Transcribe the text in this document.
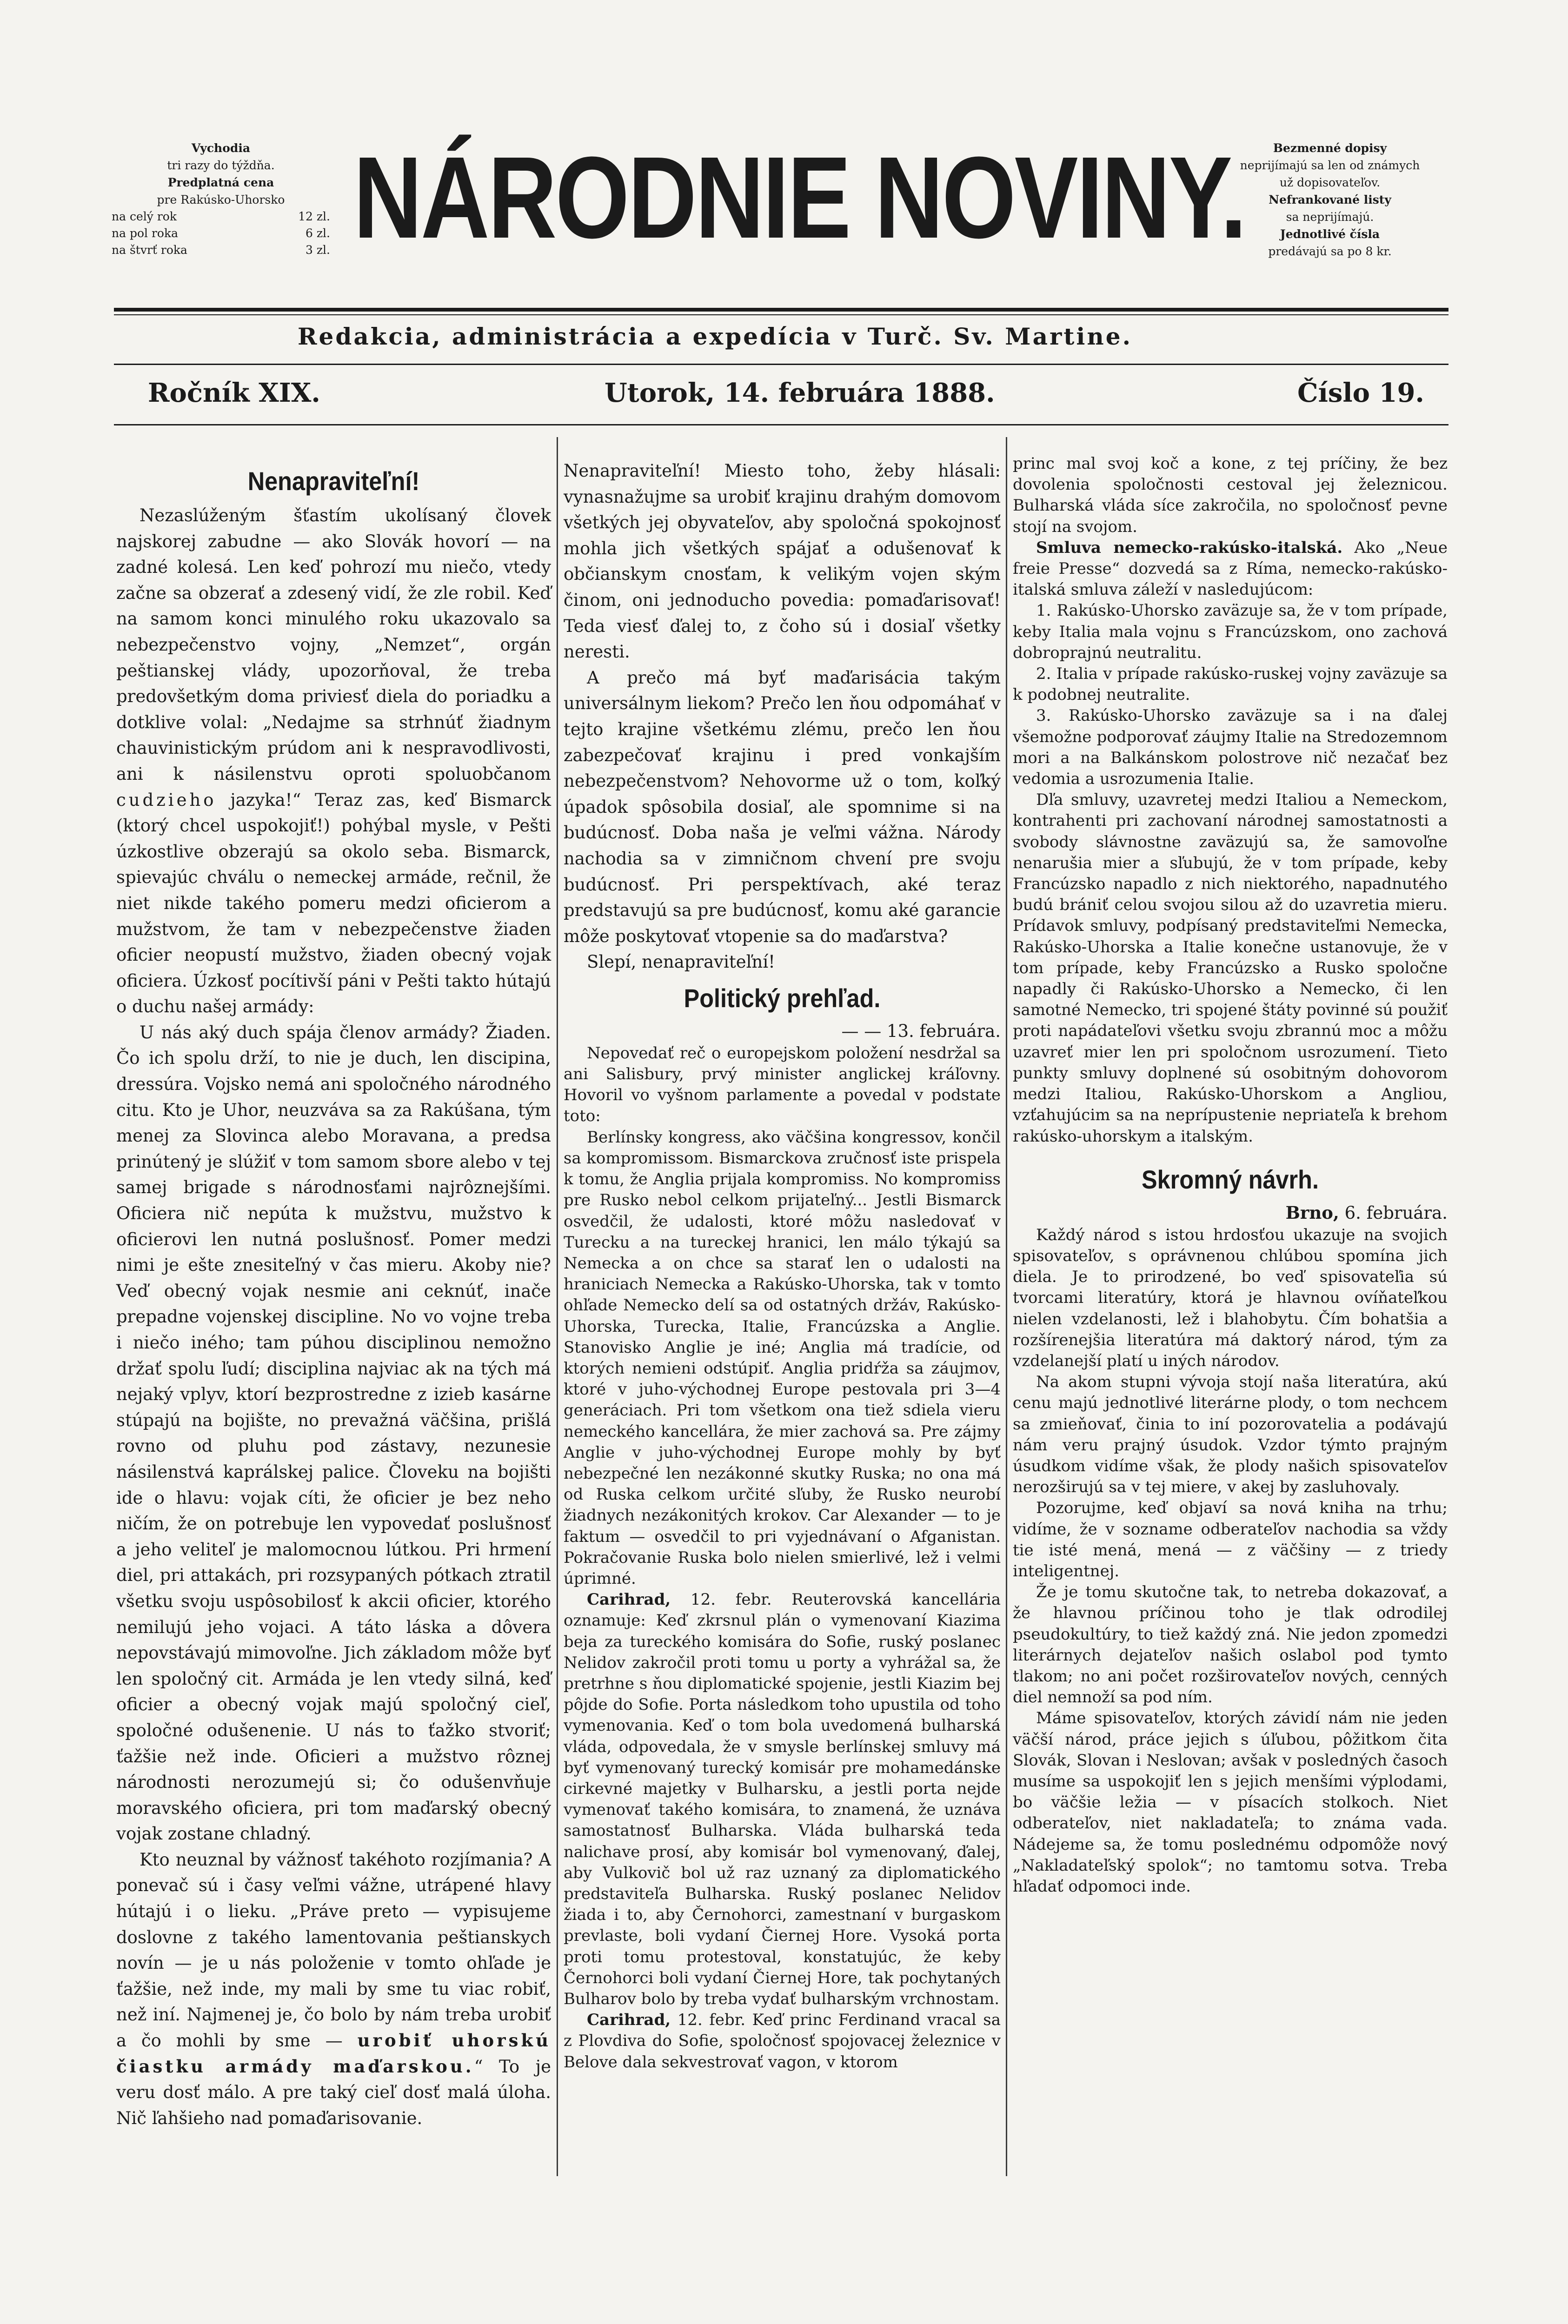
Vychodia
tri razy do týždňa.
Predplatná cena
pre Rakúsko-Uhorsko
na celý rok	12 zl.
na pol roka	6 zl.
na štvrť roka	3 zl. NÁRODNIE NOVINY.	Bezmenné dopisy
neprijímajú sa len od známych
už dopisovateľov.
Nefrankované listy
sa neprijímajú.
Jednotlivé čísla
predávajú sa po 8 kr.
Redakcia, administrácia a expedícia v Turč. Sv. Martine.
Ročník XIX.	Utorok, 14. februára 1888.	Číslo 19.
Nenapraviteľní!

Nezaslúženým šťastím ukolísaný človek najskorej zabudne — ako Slovák hovorí — na zadné kolesá. Len keď pohrozí mu niečo, vtedy začne sa obzerať a zdesený vidí, že zle robil. Keď na samom konci minulého roku ukazovalo sa nebezpečenstvo vojny, „Nemzet“, orgán peštianskej vlády, upozorňoval, že treba predovšetkým doma priviesť diela do poriadku a dotklive volal: „Nedajme sa strhnúť žiadnym chauvinistickým prúdom ani k nespravodlivosti, ani k násilenstvu oproti spoluobčanom cudzieho jazyka!“ Teraz zas, keď Bismarck (ktorý chcel uspokojiť!) pohýbal mysle, v Pešti úzkostlive obzerajú sa okolo seba. Bismarck, spievajúc chválu o nemeckej armáde, rečnil, že niet nikde takého pomeru medzi oficierom a mužstvom, že tam v nebezpečenstve žiaden oficier neopustí mužstvo, žiaden obecný vojak oficiera. Úzkosť pocítivší páni v Pešti takto hútajú o duchu našej armády:

U nás aký duch spája členov armády? Žiaden. Čo ich spolu drží, to nie je duch, len discipina, dressúra. Vojsko nemá ani spoločného národného citu. Kto je Uhor, neuzváva sa za Rakúšana, tým menej za Slovinca alebo Moravana, a predsa prinútený je slúžiť v tom samom sbore alebo v tej samej brigade s národnosťami najrôznejšími. Oficiera nič nepúta k mužstvu, mužstvo k oficierovi len nutná poslušnosť. Pomer medzi nimi je ešte znesiteľný v čas mieru. Akoby nie? Veď obecný vojak nesmie ani ceknúť, inače prepadne vojenskej discipline. No vo vojne treba i niečo iného; tam púhou disciplinou nemožno držať spolu ľudí; disciplina najviac ak na tých má nejaký vplyv, ktorí bezprostredne z izieb kasárne stúpajú na bojište, no prevažná väčšina, prišlá rovno od pluhu pod zástavy, nezunesie násilenstvá kaprálskej palice. Človeku na bojišti ide o hlavu: vojak cíti, že oficier je bez neho ničím, že on potrebuje len vypovedať poslušnosť a jeho veliteľ je malomocnou lútkou. Pri hrmení diel, pri attakách, pri rozsypaných pótkach ztratil všetku svoju uspôsobilosť k akcii oficier, ktorého nemilujú jeho vojaci. A táto láska a dôvera nepovstávajú mimovoľne. Jich základom môže byť len spoločný cit. Armáda je len vtedy silná, keď oficier a obecný vojak majú spoločný cieľ, spoločné odušenenie. U nás to ťažko stvoriť; ťažšie než inde. Oficieri a mužstvo rôznej národnosti nerozumejú si; čo odušenvňuje moravského oficiera, pri tom maďarský obecný vojak zostane chladný.

Kto neuznal by vážnosť takéhoto rozjímania? A ponevač sú i časy veľmi vážne, utrápené hlavy hútajú i o lieku. „Práve preto — vypisujeme doslovne z takého lamentovania peštianskych novín — je u nás položenie v tomto ohľade je ťažšie, než inde, my mali by sme tu viac robiť, než iní. Najmenej je, čo bolo by nám treba urobiť a čo mohli by sme — urobiť uhorskú čiastku armády maďarskou.“ To je veru dosť málo. A pre taký cieľ dosť malá úloha. Nič ľahšieho nad pomaďarisovanie.

Nenapraviteľní! Miesto toho, žeby hlásali: vynasnažujme sa urobiť krajinu drahým domovom všetkých jej obyvateľov, aby spoločná spokojnosť mohla jich všetkých spájať a odušenovať k občianskym cnosťam, k velikým vojen ským činom, oni jednoducho povedia: pomaďarisovať! Teda viesť ďalej to, z čoho sú i dosiaľ všetky neresti.

A prečo má byť maďarisácia takým universálnym liekom? Prečo len ňou odpomáhať v tejto krajine všetkému zlému, prečo len ňou zabezpečovať krajinu i pred vonkajším nebezpečenstvom? Nehovorme už o tom, koľký úpadok spôsobila dosiaľ, ale spomnime si na budúcnosť. Doba naša je veľmi vážna. Národy nachodia sa v zimničnom chvení pre svoju budúcnosť. Pri perspektívach, aké teraz predstavujú sa pre budúcnosť, komu aké garancie môže poskytovať vtopenie sa do maďarstva?

Slepí, nenapraviteľní!

Politický prehľad.
— — 13. februára.

Nepovedať reč o europejskom položení nesdržal sa ani Salisbury, prvý minister anglickej kráľovny. Hovoril vo vyšnom parlamente a povedal v podstate toto:

Berlínsky kongress, ako väčšina kongressov, končil sa kompromissom. Bismarckova zručnosť iste prispela k tomu, že Anglia prijala kompromiss. No kompromiss pre Rusko nebol celkom prijateľný... Jestli Bismarck osvedčil, že udalosti, ktoré môžu nasledovať v Turecku a na tureckej hranici, len málo týkajú sa Nemecka a on chce sa starať len o udalosti na hraniciach Nemecka a Rakúsko-Uhorska, tak v tomto ohľade Nemecko delí sa od ostatných držáv, Rakúsko-Uhorska, Turecka, Italie, Francúzska a Anglie. Stanovisko Anglie je iné; Anglia má tradície, od ktorých nemieni odstúpiť. Anglia pridŕža sa záujmov, ktoré v juho-východnej Europe pestovala pri 3—4 generáciach. Pri tom všetkom ona tiež sdiela vieru nemeckého kancellára, že mier zachová sa. Pre zájmy Anglie v juho-východnej Europe mohly by byť nebezpečné len nezákonné skutky Ruska; no ona má od Ruska celkom určité sľuby, že Rusko neurobí žiadnych nezákonitých krokov. Car Alexander — to je faktum — osvedčil to pri vyjednávaní o Afganistan. Pokračovanie Ruska bolo nielen smierlivé, lež i velmi úprimné.

Carihrad, 12. febr. Reuterovská kancellária oznamuje: Keď zkrsnul plán o vymenovaní Kiazima beja za tureckého komisára do Sofie, ruský poslanec Nelidov zakročil proti tomu u porty a vyhrážal sa, že pretrhne s ňou diplomatické spojenie, jestli Kiazim bej pôjde do Sofie. Porta následkom toho upustila od toho vymenovania. Keď o tom bola uvedomená bulharská vláda, odpovedala, že v smysle berlínskej smluvy má byť vymenovaný turecký komisár pre mohamedánske cirkevné majetky v Bulharsku, a jestli porta nejde vymenovať takého komisára, to znamená, že uznáva samostatnosť Bulharska. Vláda bulharská teda nalichave prosí, aby komisár bol vymenovaný, ďalej, aby Vulkovič bol už raz uznaný za diplomatického predstaviteľa Bulharska. Ruský poslanec Nelidov žiada i to, aby Černohorci, zamestnaní v burgaskom prevlaste, boli vydaní Čiernej Hore. Vysoká porta proti tomu protestoval, konstatujúc, že keby Černohorci boli vydaní Čiernej Hore, tak pochytaných Bulharov bolo by treba vydať bulharským vrchnostam.

Carihrad, 12. febr. Keď princ Ferdinand vracal sa z Plovdiva do Sofie, spoločnosť spojovacej železnice v Belove dala sekvestrovať vagon, v ktorom

princ mal svoj koč a kone, z tej príčiny, že bez dovolenia spoločnosti cestoval jej železnicou. Bulharská vláda síce zakročila, no spoločnosť pevne stojí na svojom.

Smluva nemecko-rakúsko-italská. Ako „Neue freie Presse“ dozvedá sa z Ríma, nemecko-rakúsko-italská smluva záleží v nasledujúcom:

1. Rakúsko-Uhorsko zaväzuje sa, že v tom prípade, keby Italia mala vojnu s Francúzskom, ono zachová dobroprajnú neutralitu.

2. Italia v prípade rakúsko-ruskej vojny zaväzuje sa k podobnej neutralite.

3. Rakúsko-Uhorsko zaväzuje sa i na ďalej všemožne podporovať záujmy Italie na Stredozemnom mori a na Balkánskom polostrove nič nezačať bez vedomia a usrozumenia Italie.

Dľa smluvy, uzavretej medzi Italiou a Nemeckom, kontrahenti pri zachovaní národnej samostatnosti a svobody slávnostne zaväzujú sa, že samovoľne nenarušia mier a sľubujú, že v tom prípade, keby Francúzsko napadlo z nich niektorého, napadnutého budú brániť celou svojou silou až do uzavretia mieru. Prídavok smluvy, podpísaný predstaviteľmi Nemecka, Rakúsko-Uhorska a Italie konečne ustanovuje, že v tom prípade, keby Francúzsko a Rusko spoločne napadly či Rakúsko-Uhorsko a Nemecko, či len samotné Nemecko, tri spojené štáty povinné sú použiť proti napádateľovi všetku svoju zbrannú moc a môžu uzavreť mier len pri spoločnom usrozumení. Tieto punkty smluvy doplnené sú osobitným dohovorom medzi Italiou, Rakúsko-Uhorskom a Angliou, vzťahujúcim sa na neprípustenie nepriateľa k brehom rakúsko-uhorskym a italským.

Skromný návrh.
Brno, 6. februára.

Každý národ s istou hrdosťou ukazuje na svojich spisovateľov, s oprávnenou chlúbou spomína jich diela. Je to prirodzené, bo veď spisovateľia sú tvorcami literatúry, ktorá je hlavnou ovíňateľkou nielen vzdelanosti, lež i blahobytu. Čím bohatšia a rozšírenejšia literatúra má daktorý národ, tým za vzdelanejší platí u iných národov.

Na akom stupni vývoja stojí naša literatúra, akú cenu majú jednotlivé literárne plody, o tom nechcem sa zmieňovať, činia to iní pozorovatelia a podávajú nám veru prajný úsudok. Vzdor týmto prajným úsudkom vidíme však, že plody našich spisovateľov nerozširujú sa v tej miere, v akej by zasluhovaly.

Pozorujme, keď objaví sa nová kniha na trhu; vidíme, že v sozname odberateľov nachodia sa vždy tie isté mená, mená — z väčšiny — z triedy inteligentnej.

Že je tomu skutočne tak, to netreba dokazovať, a že hlavnou príčinou toho je tlak odrodilej pseudokultúry, to tiež každý zná. Nie jedon zpomedzi literárnych dejateľov našich oslabol pod tymto tlakom; no ani počet rozširovateľov nových, cenných diel nemnoží sa pod ním.

Máme spisovateľov, ktorých závidí nám nie jeden väčší národ, práce jejich s úľubou, pôžitkom čita Slovák, Slovan i Neslovan; avšak v posledných časoch musíme sa uspokojiť len s jejich menšími výplodami, bo väčšie ležia — v písacích stolkoch. Niet odberateľov, niet nakladateľa; to známa vada. Nádejeme sa, že tomu poslednému odpomôže nový „Nakladateľský spolok“; no tamtomu sotva. Treba hľadať odpomoci inde.
